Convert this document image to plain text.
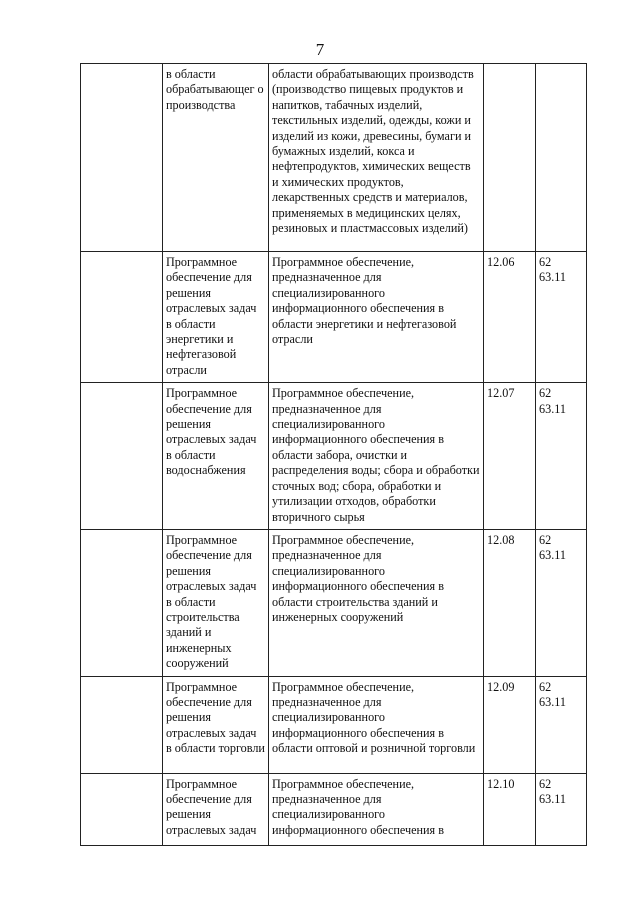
7
	в области обрабатывающег о производства	области обрабатывающих производств (производство пищевых продуктов и напитков, табачных изделий, текстильных изделий, одежды, кожи и изделий из кожи, древесины, бумаги и бумажных изделий, кокса и нефтепродуктов, химических веществ и химических продуктов, лекарственных средств и материалов, применяемых в медицинских целях, резиновых и пластмассовых изделий)		

	Программное обеспечение для решения отраслевых задач в области энергетики и нефтегазовой отрасли	Программное обеспечение, предназначенное для специализированного информационного обеспечения в области энергетики и нефтегазовой отрасли	12.06	62
63.11

	Программное обеспечение для решения отраслевых задач в области водоснабжения	Программное обеспечение, предназначенное для специализированного информационного обеспечения в области забора, очистки и распределения воды; сбора и обработки сточных вод; сбора, обработки и утилизации отходов, обработки вторичного сырья	12.07	62
63.11

	Программное обеспечение для решения отраслевых задач в области строительства зданий и инженерных сооружений	Программное обеспечение, предназначенное для специализированного информационного обеспечения в области строительства зданий и инженерных сооружений	12.08	62
63.11

	Программное обеспечение для решения отраслевых задач в области торговли	Программное обеспечение, предназначенное для специализированного информационного обеспечения в области оптовой и розничной торговли	12.09	62
63.11

	Программное обеспечение для решения отраслевых задач	Программное обеспечение, предназначенное для специализированного информационного обеспечения в	12.10	62
63.11
